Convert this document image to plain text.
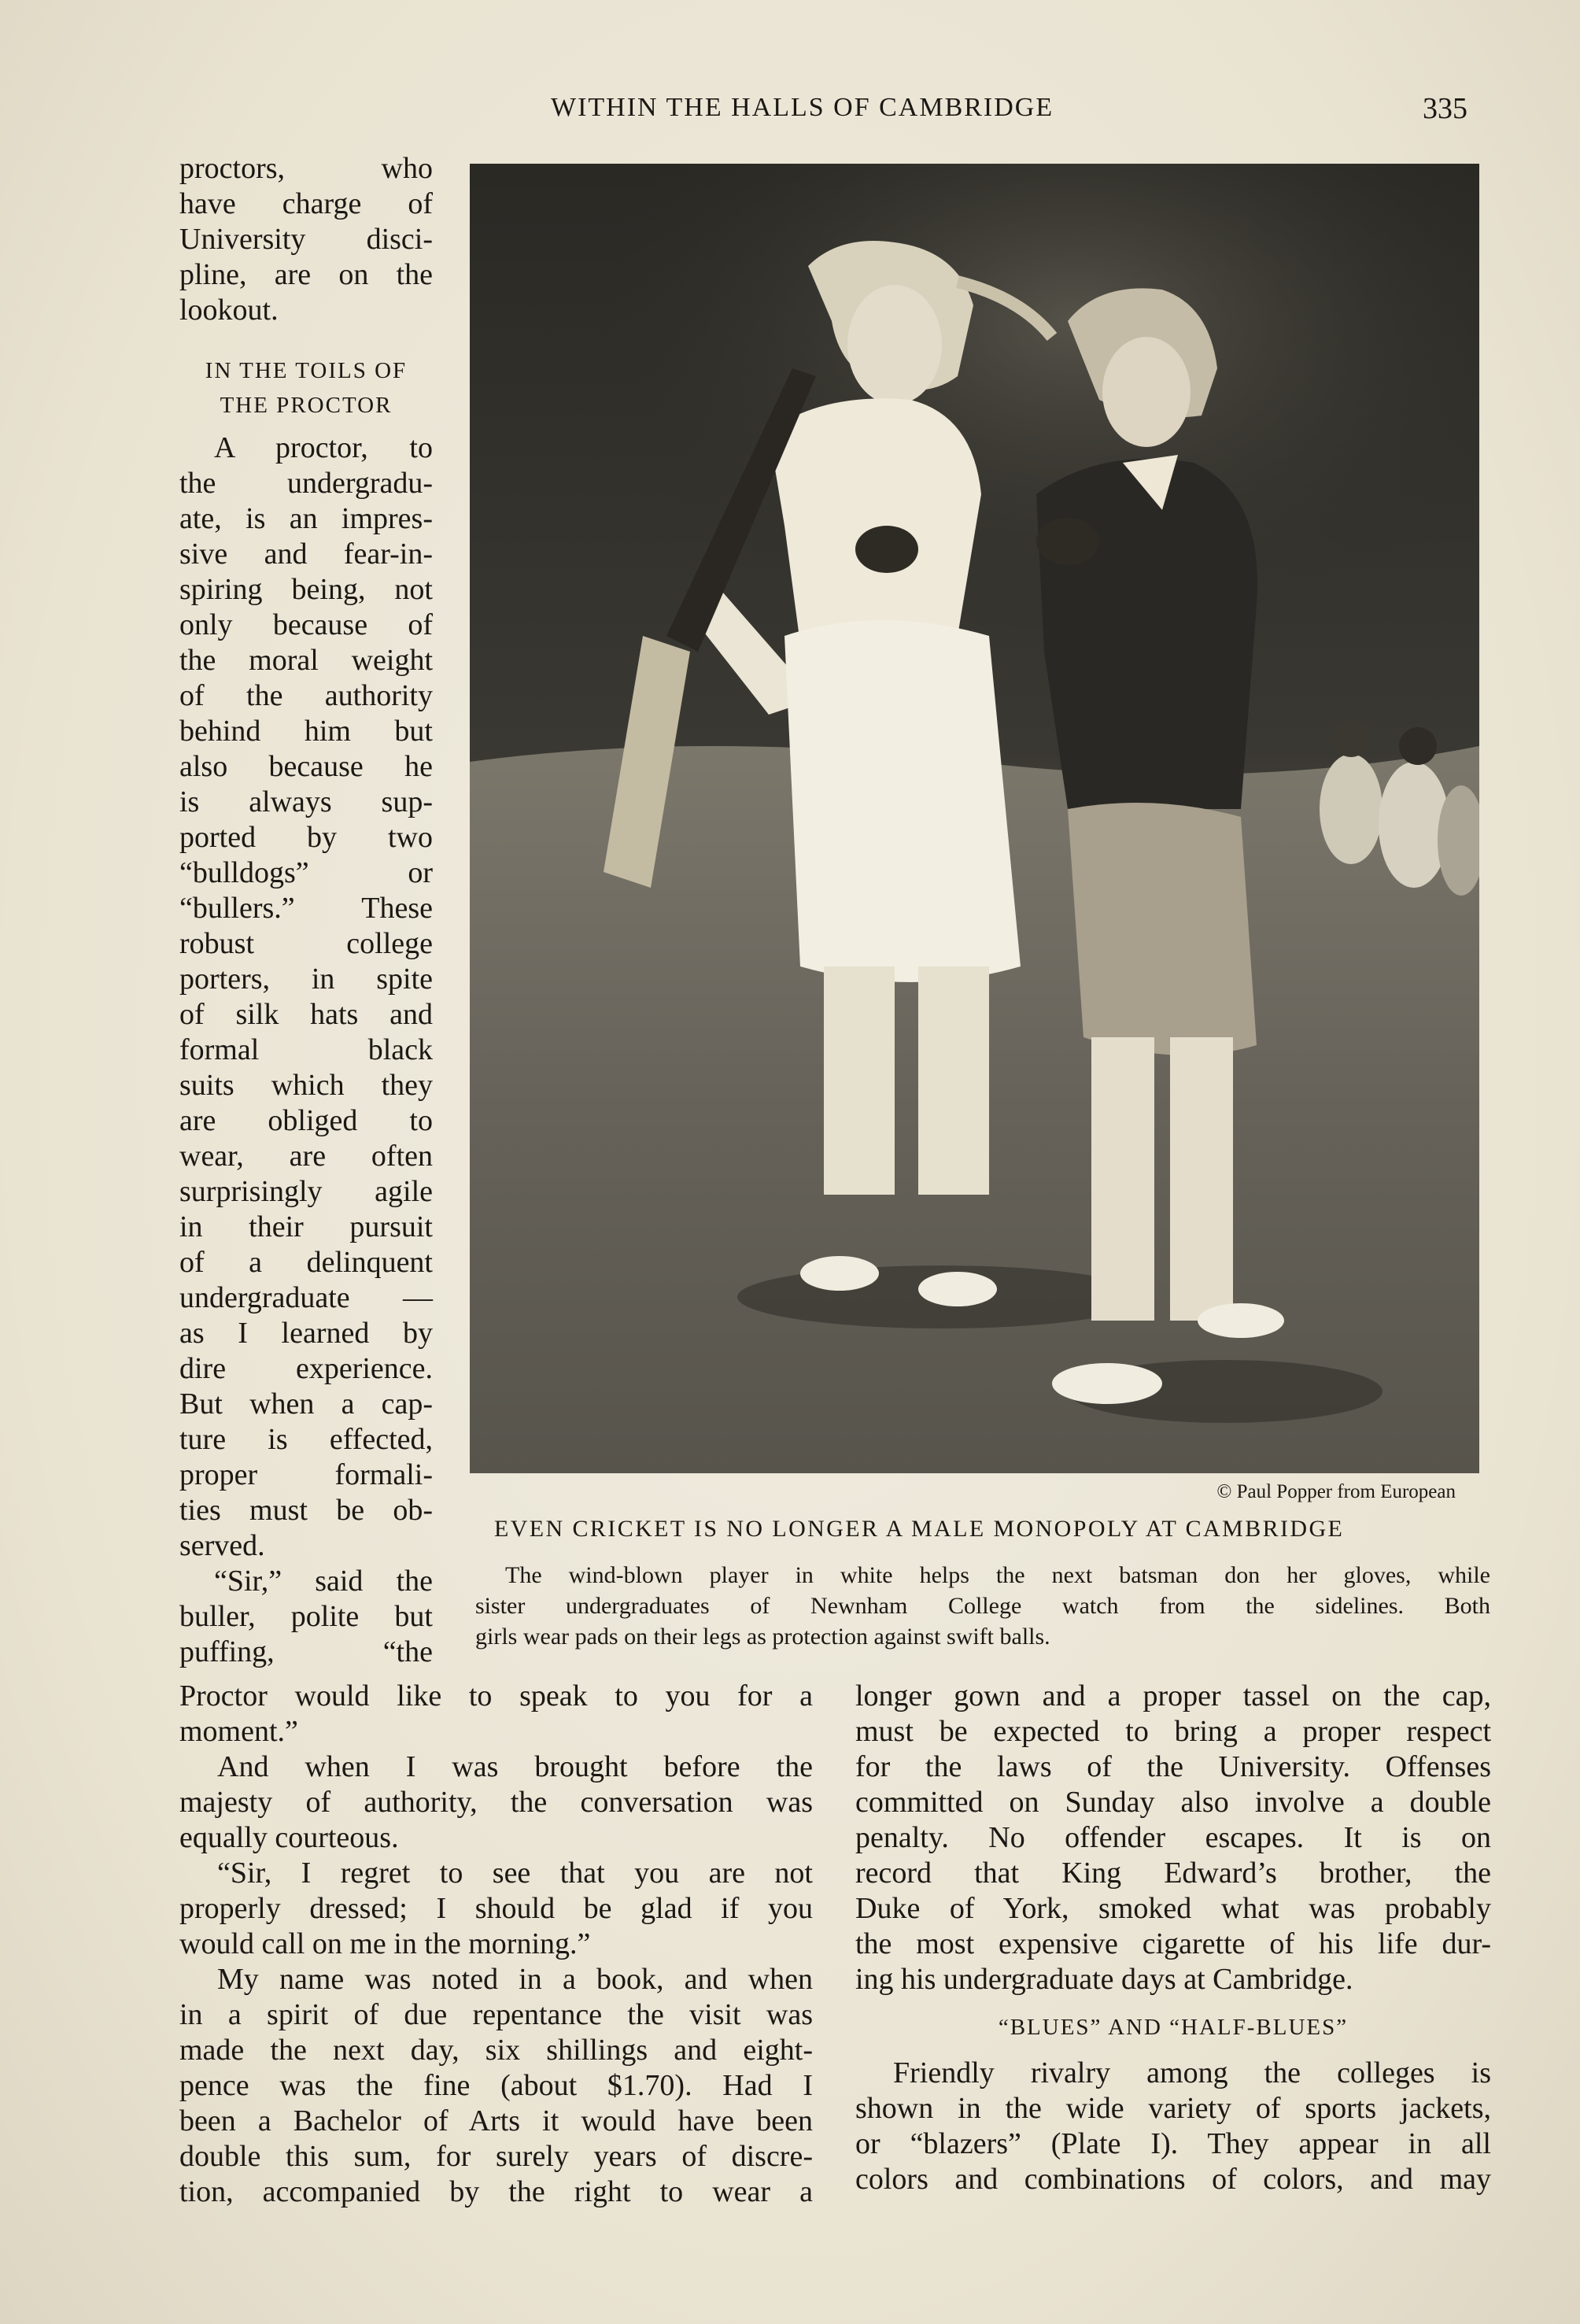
WITHIN THE HALLS OF CAMBRIDGE	335

proctors, who
have charge of
University disci-
pline, are on the
lookout.

IN THE TOILS OF
THE PROCTOR

A proctor, to
the undergradu-
ate, is an impres-
sive and fear-in-
spiring being, not
only because of
the moral weight
of the authority
behind him but
also because he
is always sup-
ported by two
“bulldogs” or
“bullers.” These
robust college
porters, in spite
of silk hats and
formal black
suits which they
are obliged to
wear, are often
surprisingly agile
in their pursuit
of a delinquent
undergraduate —
as I learned by
dire experience.
But when a cap-
ture is effected,
proper formali-
ties must be ob-
served.

“Sir,” said the
buller, polite but
puffing, “the

© Paul Popper from European
EVEN CRICKET IS NO LONGER A MALE MONOPOLY AT CAMBRIDGE
The wind-blown player in white helps the next batsman don her gloves, while
sister undergraduates of Newnham College watch from the sidelines. Both
girls wear pads on their legs as protection against swift balls.
Proctor would like to speak to you for a
moment.”
And when I was brought before the
majesty of authority, the conversation was
equally courteous.
“Sir, I regret to see that you are not
properly dressed; I should be glad if you
would call on me in the morning.”
My name was noted in a book, and when
in a spirit of due repentance the visit was
made the next day, six shillings and eight-
pence was the fine (about $1.70). Had I
been a Bachelor of Arts it would have been
double this sum, for surely years of discre-
tion, accompanied by the right to wear a
longer gown and a proper tassel on the cap,
must be expected to bring a proper respect
for the laws of the University. Offenses
committed on Sunday also involve a double
penalty. No offender escapes. It is on
record that King Edward’s brother, the
Duke of York, smoked what was probably
the most expensive cigarette of his life dur-
ing his undergraduate days at Cambridge.
“BLUES” AND “HALF-BLUES”
Friendly rivalry among the colleges is
shown in the wide variety of sports jackets,
or “blazers” (Plate I). They appear in all
colors and combinations of colors, and may
